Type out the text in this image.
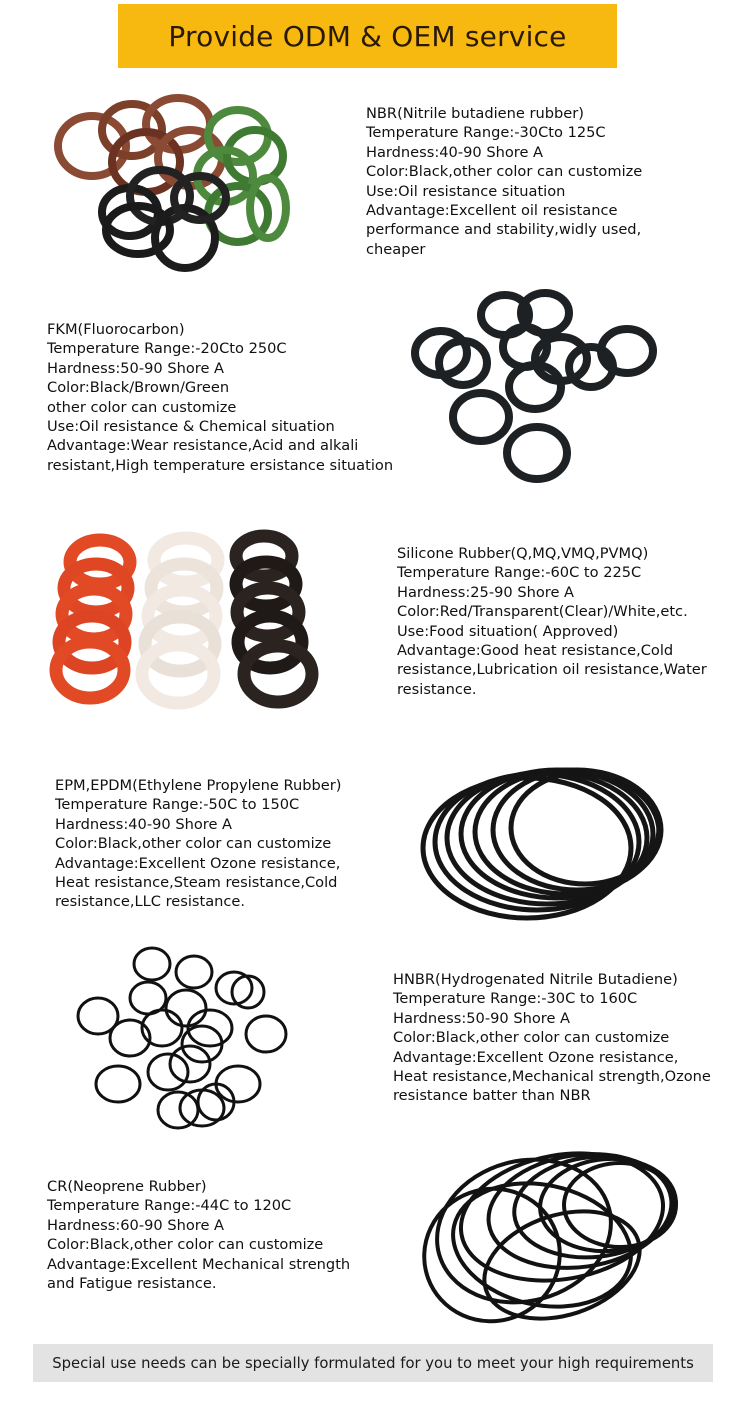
Provide ODM & OEM service
NBR(Nitrile butadiene rubber)
Temperature Range:-30Cto 125C
Hardness:40-90 Shore A
Color:Black,other color can customize
Use:Oil resistance situation
Advantage:Excellent oil resistance
performance and stability,widly used,
cheaper
FKM(Fluorocarbon)
Temperature Range:-20Cto 250C
Hardness:50-90 Shore A
Color:Black/Brown/Green
other color can customize
Use:Oil resistance & Chemical situation
Advantage:Wear resistance,Acid and alkali
resistant,High temperature ersistance situation
Silicone Rubber(Q,MQ,VMQ,PVMQ)
Temperature Range:-60C to 225C
Hardness:25-90 Shore A
Color:Red/Transparent(Clear)/White,etc.
Use:Food situation( Approved)
Advantage:Good heat resistance,Cold
resistance,Lubrication oil resistance,Water
resistance.
EPM,EPDM(Ethylene Propylene Rubber)
Temperature Range:-50C to 150C
Hardness:40-90 Shore A
Color:Black,other color can customize
Advantage:Excellent Ozone resistance,
Heat resistance,Steam resistance,Cold
resistance,LLC resistance.
HNBR(Hydrogenated Nitrile Butadiene)
Temperature Range:-30C to 160C
Hardness:50-90 Shore A
Color:Black,other color can customize
Advantage:Excellent Ozone resistance,
Heat resistance,Mechanical strength,Ozone
resistance batter than NBR
CR(Neoprene Rubber)
Temperature Range:-44C to 120C
Hardness:60-90 Shore A
Color:Black,other color can customize
Advantage:Excellent Mechanical strength
and Fatigue resistance.
Special use needs can be specially formulated for you to meet your high requirements
